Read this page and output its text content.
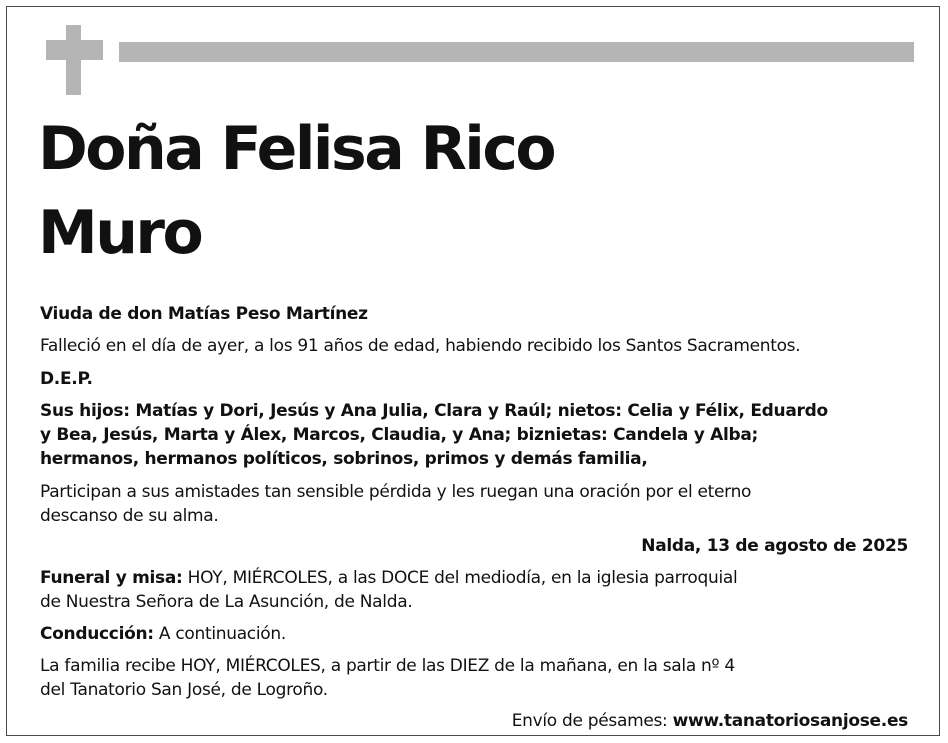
Doña Felisa Rico
Muro
Viuda de don Matías Peso Martínez
Falleció en el día de ayer, a los 91 años de edad, habiendo recibido los Santos Sacramentos.
D.E.P.
Sus hijos: Matías y Dori, Jesús y Ana Julia, Clara y Raúl; nietos: Celia y Félix, Eduardo
y Bea, Jesús, Marta y Álex, Marcos, Claudia, y Ana; biznietas: Candela y Alba;
hermanos, hermanos políticos, sobrinos, primos y demás familia,
Participan a sus amistades tan sensible pérdida y les ruegan una oración por el eterno
descanso de su alma.
Nalda, 13 de agosto de 2025
Funeral y misa: HOY, MIÉRCOLES, a las DOCE del mediodía, en la iglesia parroquial
de Nuestra Señora de La Asunción, de Nalda.
Conducción: A continuación.
La familia recibe HOY, MIÉRCOLES, a partir de las DIEZ de la mañana, en la sala nº 4
del Tanatorio San José, de Logroño.
Envío de pésames: www.tanatoriosanjose.es
